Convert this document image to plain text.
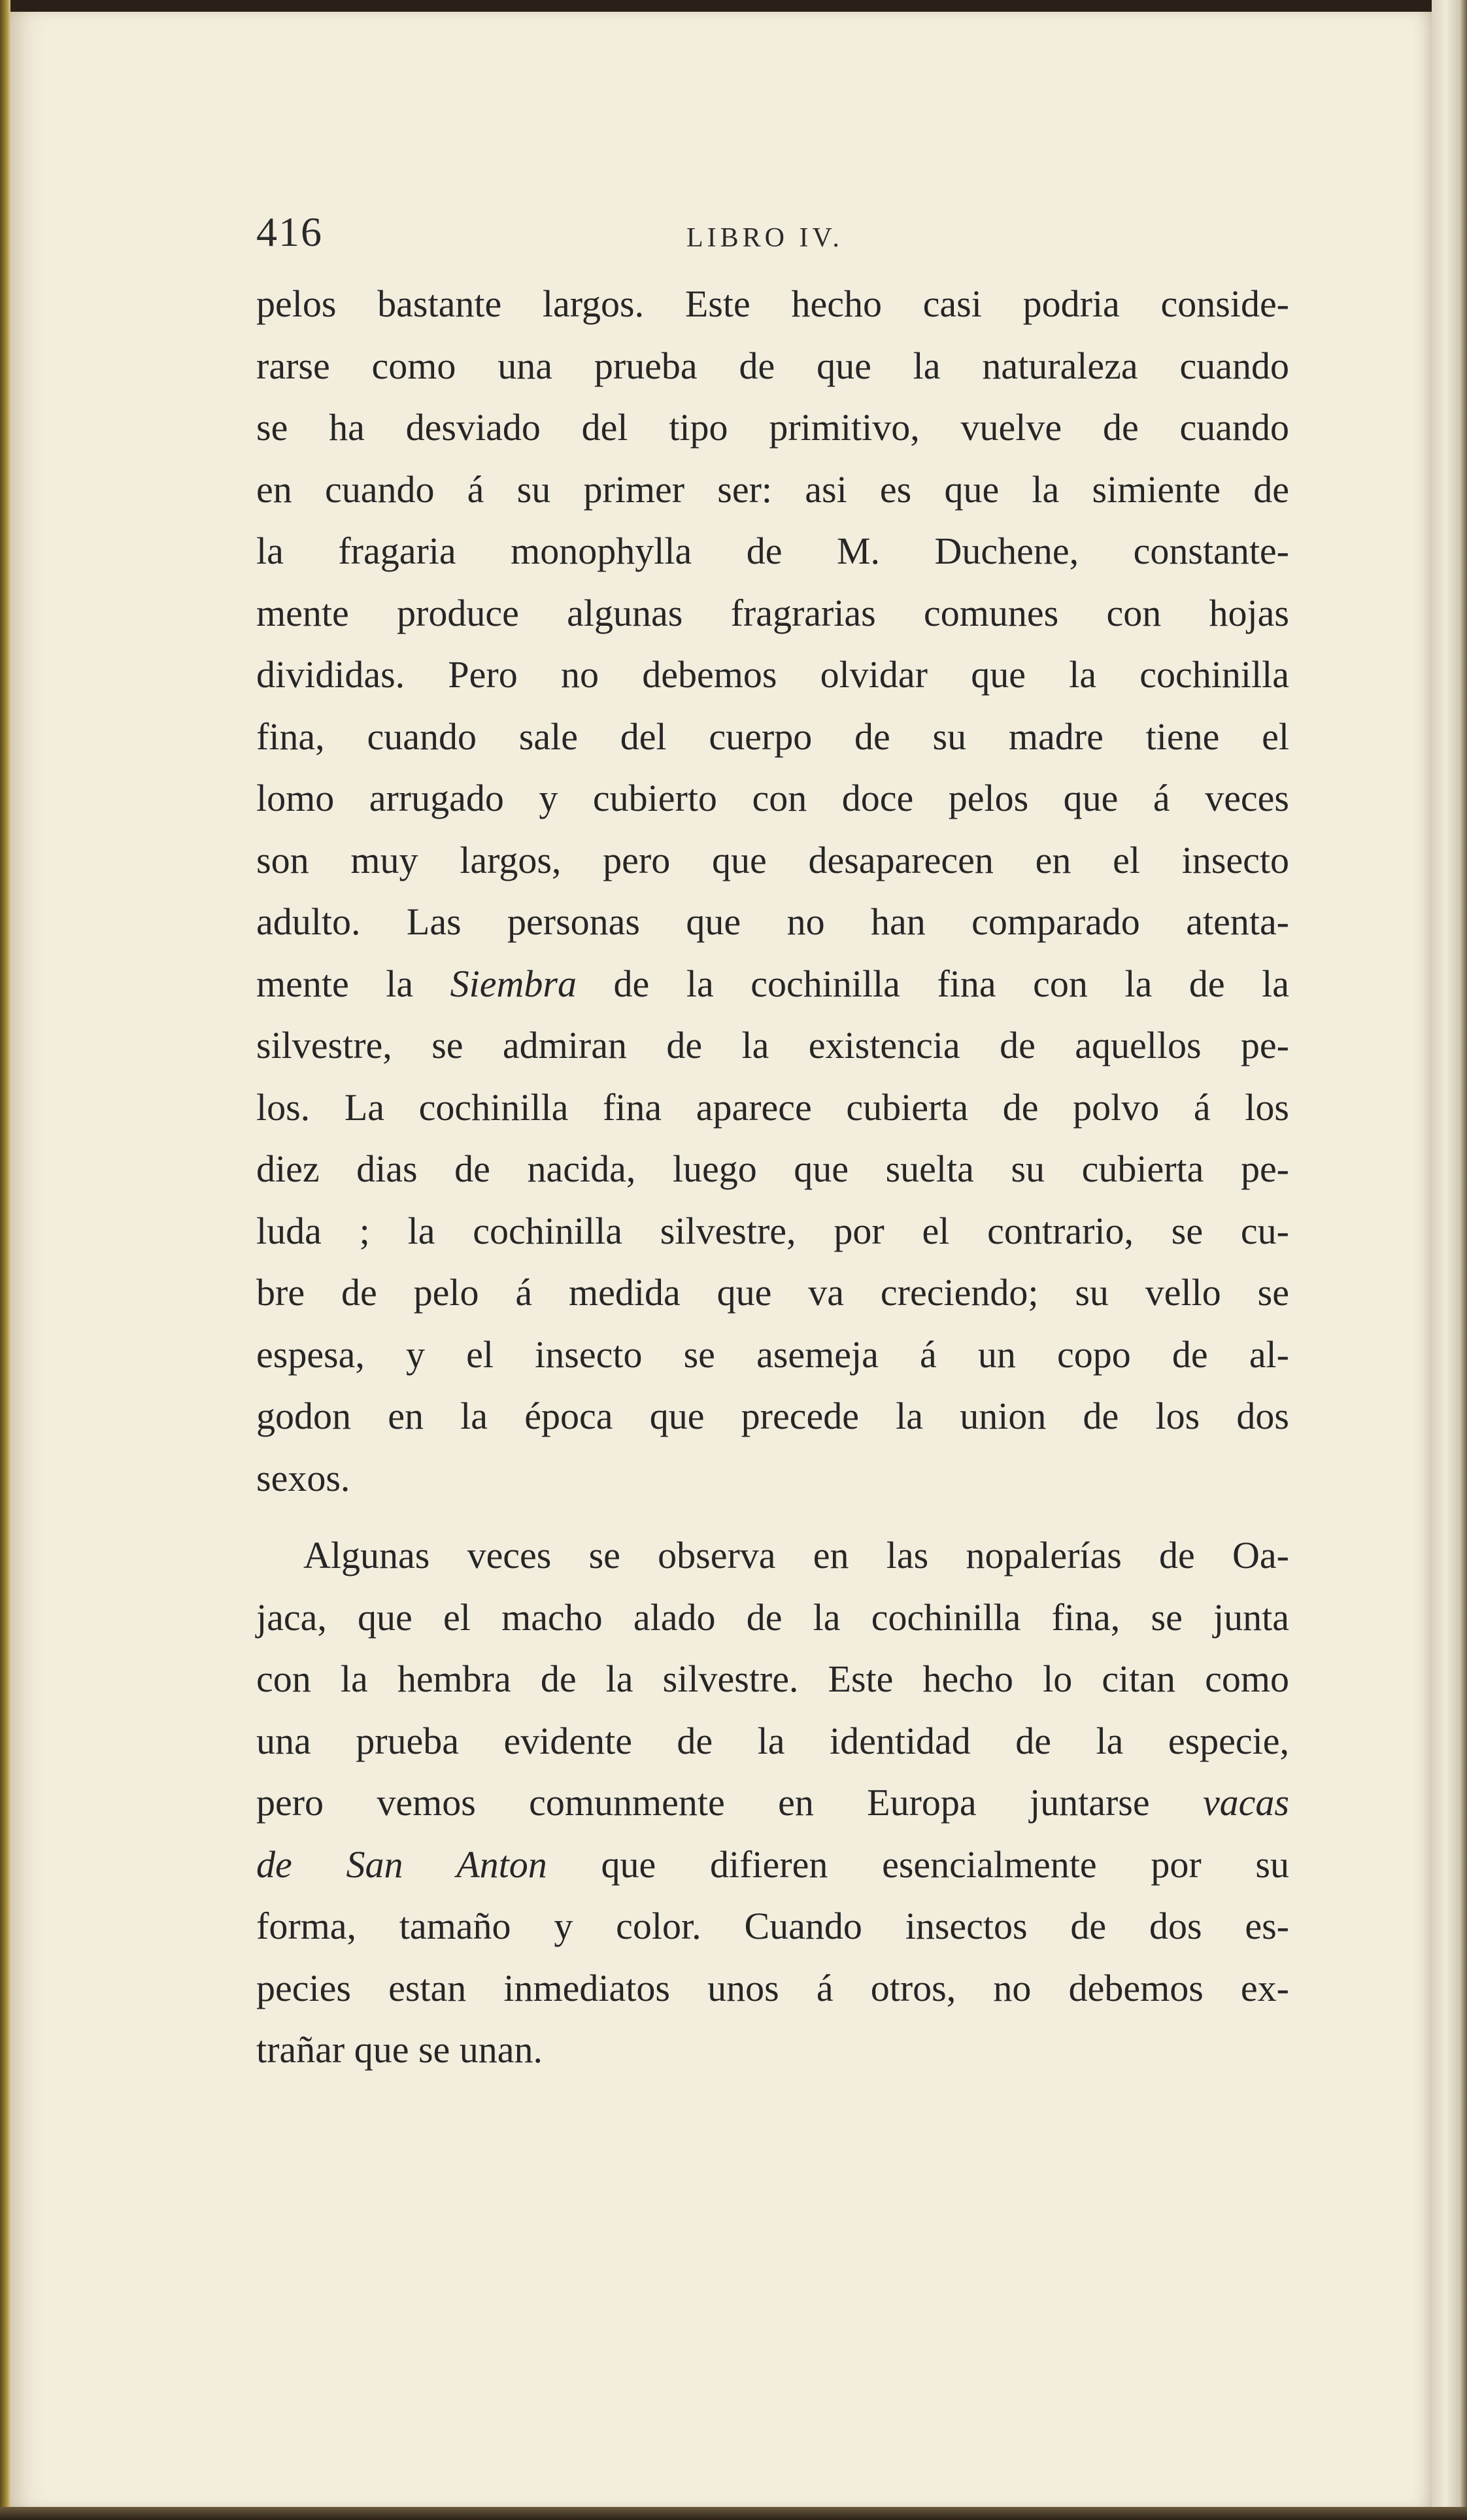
416	LIBRO IV.
pelos bastante largos. Este hecho casi podria conside-
rarse como una prueba de que la naturaleza cuando
se ha desviado del tipo primitivo, vuelve de cuando
en cuando á su primer ser: asi es que la simiente de
la fragaria monophylla de M. Duchene, constante-
mente produce algunas fragrarias comunes con hojas
divididas. Pero no debemos olvidar que la cochinilla
fina, cuando sale del cuerpo de su madre tiene el
lomo arrugado y cubierto con doce pelos que á veces
son muy largos, pero que desaparecen en el insecto
adulto. Las personas que no han comparado atenta-
mente la Siembra de la cochinilla fina con la de la
silvestre, se admiran de la existencia de aquellos pe-
los. La cochinilla fina aparece cubierta de polvo á los
diez dias de nacida, luego que suelta su cubierta pe-
luda ; la cochinilla silvestre, por el contrario, se cu-
bre de pelo á medida que va creciendo; su vello se
espesa, y el insecto se asemeja á un copo de al-
godon en la época que precede la union de los dos
sexos.
Algunas veces se observa en las nopalerías de Oa-
jaca, que el macho alado de la cochinilla fina, se junta
con la hembra de la silvestre. Este hecho lo citan como
una prueba evidente de la identidad de la especie,
pero vemos comunmente en Europa juntarse vacas
de San Anton que difieren esencialmente por su
forma, tamaño y color. Cuando insectos de dos es-
pecies estan inmediatos unos á otros, no debemos ex-
trañar que se unan.
